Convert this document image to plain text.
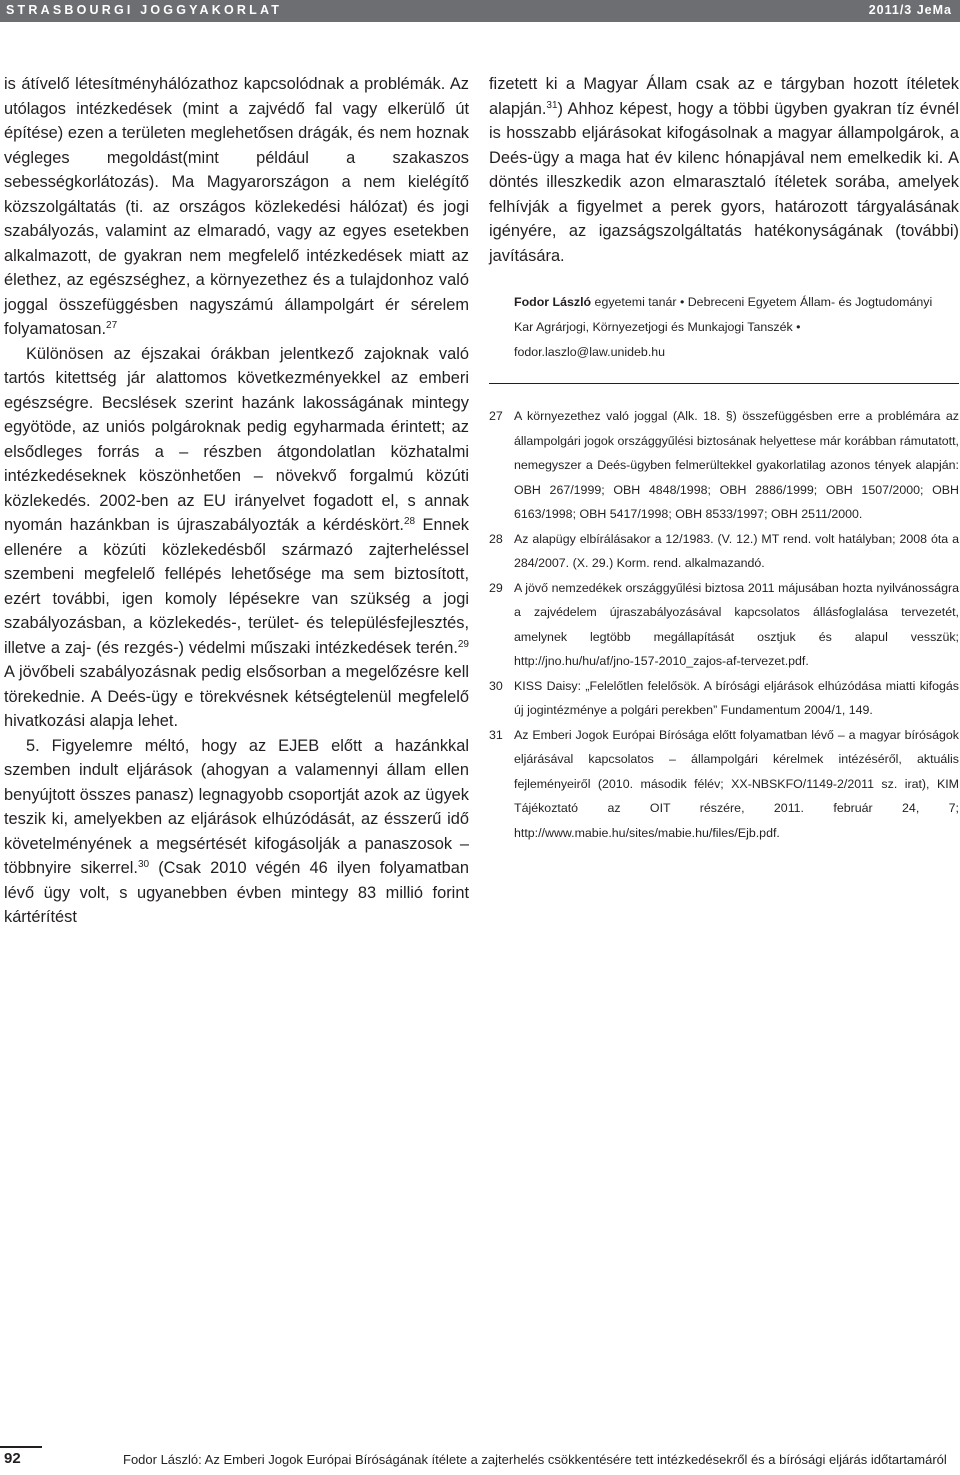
STRASBOURGI JOGGYAKORLAT	2011/3 JeMa

is átívelő létesítményhálózathoz kapcsolódnak a problémák. Az utólagos intézkedések (mint a zajvédő fal vagy elkerülő út építése) ezen a területen meglehetősen drágák, és nem hoznak végleges megoldást(mint például a szakaszos sebességkorlátozás). Ma Magyarországon a nem kielégítő közszolgáltatás (ti. az országos közlekedési hálózat) és jogi szabályozás, valamint az elmaradó, vagy az egyes esetekben alkalmazott, de gyakran nem megfelelő intézkedések miatt az élethez, az egészséghez, a környezethez és a tulajdonhoz való joggal összefüggésben nagyszámú állampolgárt ér sérelem folyamatosan.$^{27}$

Különösen az éjszakai órákban jelentkező zajoknak való tartós kitettség jár alattomos következményekkel az emberi egészségre. Becslések szerint hazánk lakosságának mintegy egyötöde, az uniós polgároknak pedig egyharmada érintett; az elsődleges forrás a – részben átgondolatlan közhatalmi intézkedéseknek köszönhetően – növekvő forgalmú közúti közlekedés. 2002-ben az EU irányelvet fogadott el, s annak nyomán hazánkban is újraszabályozták a kérdéskört.$^{28}$ Ennek ellenére a közúti közlekedésből származó zajterheléssel szembeni megfelelő fellépés lehetősége ma sem biztosított, ezért további, igen komoly lépésekre van szükség a jogi szabályozásban, a közlekedés-, terület- és településfejlesztés, illetve a zaj- (és rezgés-) védelmi műszaki intézkedések terén.$^{29}$ A jövőbeli szabályozásnak pedig elsősorban a megelőzésre kell törekednie. A Deés-ügy e törekvésnek kétségtelenül megfelelő hivatkozási alapja lehet.

5. Figyelemre méltó, hogy az EJEB előtt a hazánkkal szemben indult eljárások (ahogyan a valamennyi állam ellen benyújtott összes panasz) legnagyobb csoportját azok az ügyek teszik ki, amelyekben az eljárások elhúzódását, az ésszerű idő követelményének a megsértését kifogásolják a panaszosok – többnyire sikerrel.$^{30}$ (Csak 2010 végén 46 ilyen folyamatban lévő ügy volt, s ugyanebben évben mintegy 83 millió forint kártérítést

fizetett ki a Magyar Állam csak az e tárgyban hozott ítéletek alapján.$^{31}$) Ahhoz képest, hogy a többi ügyben gyakran tíz évnél is hosszabb eljárásokat kifogásolnak a magyar állampolgárok, a Deés-ügy a maga hat év kilenc hónapjával nem emelkedik ki. A döntés illeszkedik azon elmarasztaló ítéletek sorába, amelyek felhívják a figyelmet a perek gyors, határozott tárgyalásának igényére, az igazságszolgáltatás hatékonyságának (további) javítására.

Fodor László egyetemi tanár • Debreceni Egyetem Állam- és Jogtudományi Kar Agrárjogi, Környezetjogi és Munkajogi Tanszék • fodor.laszlo@law.unideb.hu
27 A környezethez való joggal (Alk. 18. §) összefüggésben erre a problémára az állampolgári jogok országgyűlési biztosának helyettese már korábban rámutatott, nemegyszer a Deés-ügyben felmerültekkel gyakorlatilag azonos tények alapján: OBH 267/1999; OBH 4848/1998; OBH 2886/1999; OBH 1507/2000; OBH 6163/1998; OBH 5417/1998; OBH 8533/1997; OBH 2511/2000.
28 Az alapügy elbírálásakor a 12/1983. (V. 12.) MT rend. volt hatályban; 2008 óta a 284/2007. (X. 29.) Korm. rend. alkalmazandó.
29 A jövő nemzedékek országgyűlési biztosa 2011 májusában hozta nyilvánosságra a zajvédelem újraszabályozásával kapcsolatos állásfoglalása tervezetét, amelynek legtöbb megállapítását osztjuk és alapul vesszük; http://jno.hu/hu/af/jno-157-2010_zajos-af-tervezet.pdf.
30 KISS Daisy: „Felelőtlen felelősök. A bírósági eljárások elhúzódása miatti kifogás új jogintézménye a polgári perekben” Fundamentum 2004/1, 149.
31 Az Emberi Jogok Európai Bírósága előtt folyamatban lévő – a magyar bíróságok eljárásával kapcsolatos – állampolgári kérelmek intézéséről, aktuális fejleményeiről (2010. második félév; XX-NBSKFO/1149-2/2011 sz. irat), KIM Tájékoztató az OIT részére, 2011. február 24, 7; http://www.mabie.hu/sites/mabie.hu/files/Ejb.pdf.
92	Fodor László: Az Emberi Jogok Európai Bíróságának ítélete a zajterhelés csökkentésére tett intézkedésekről és a bírósági eljárás időtartamáról
